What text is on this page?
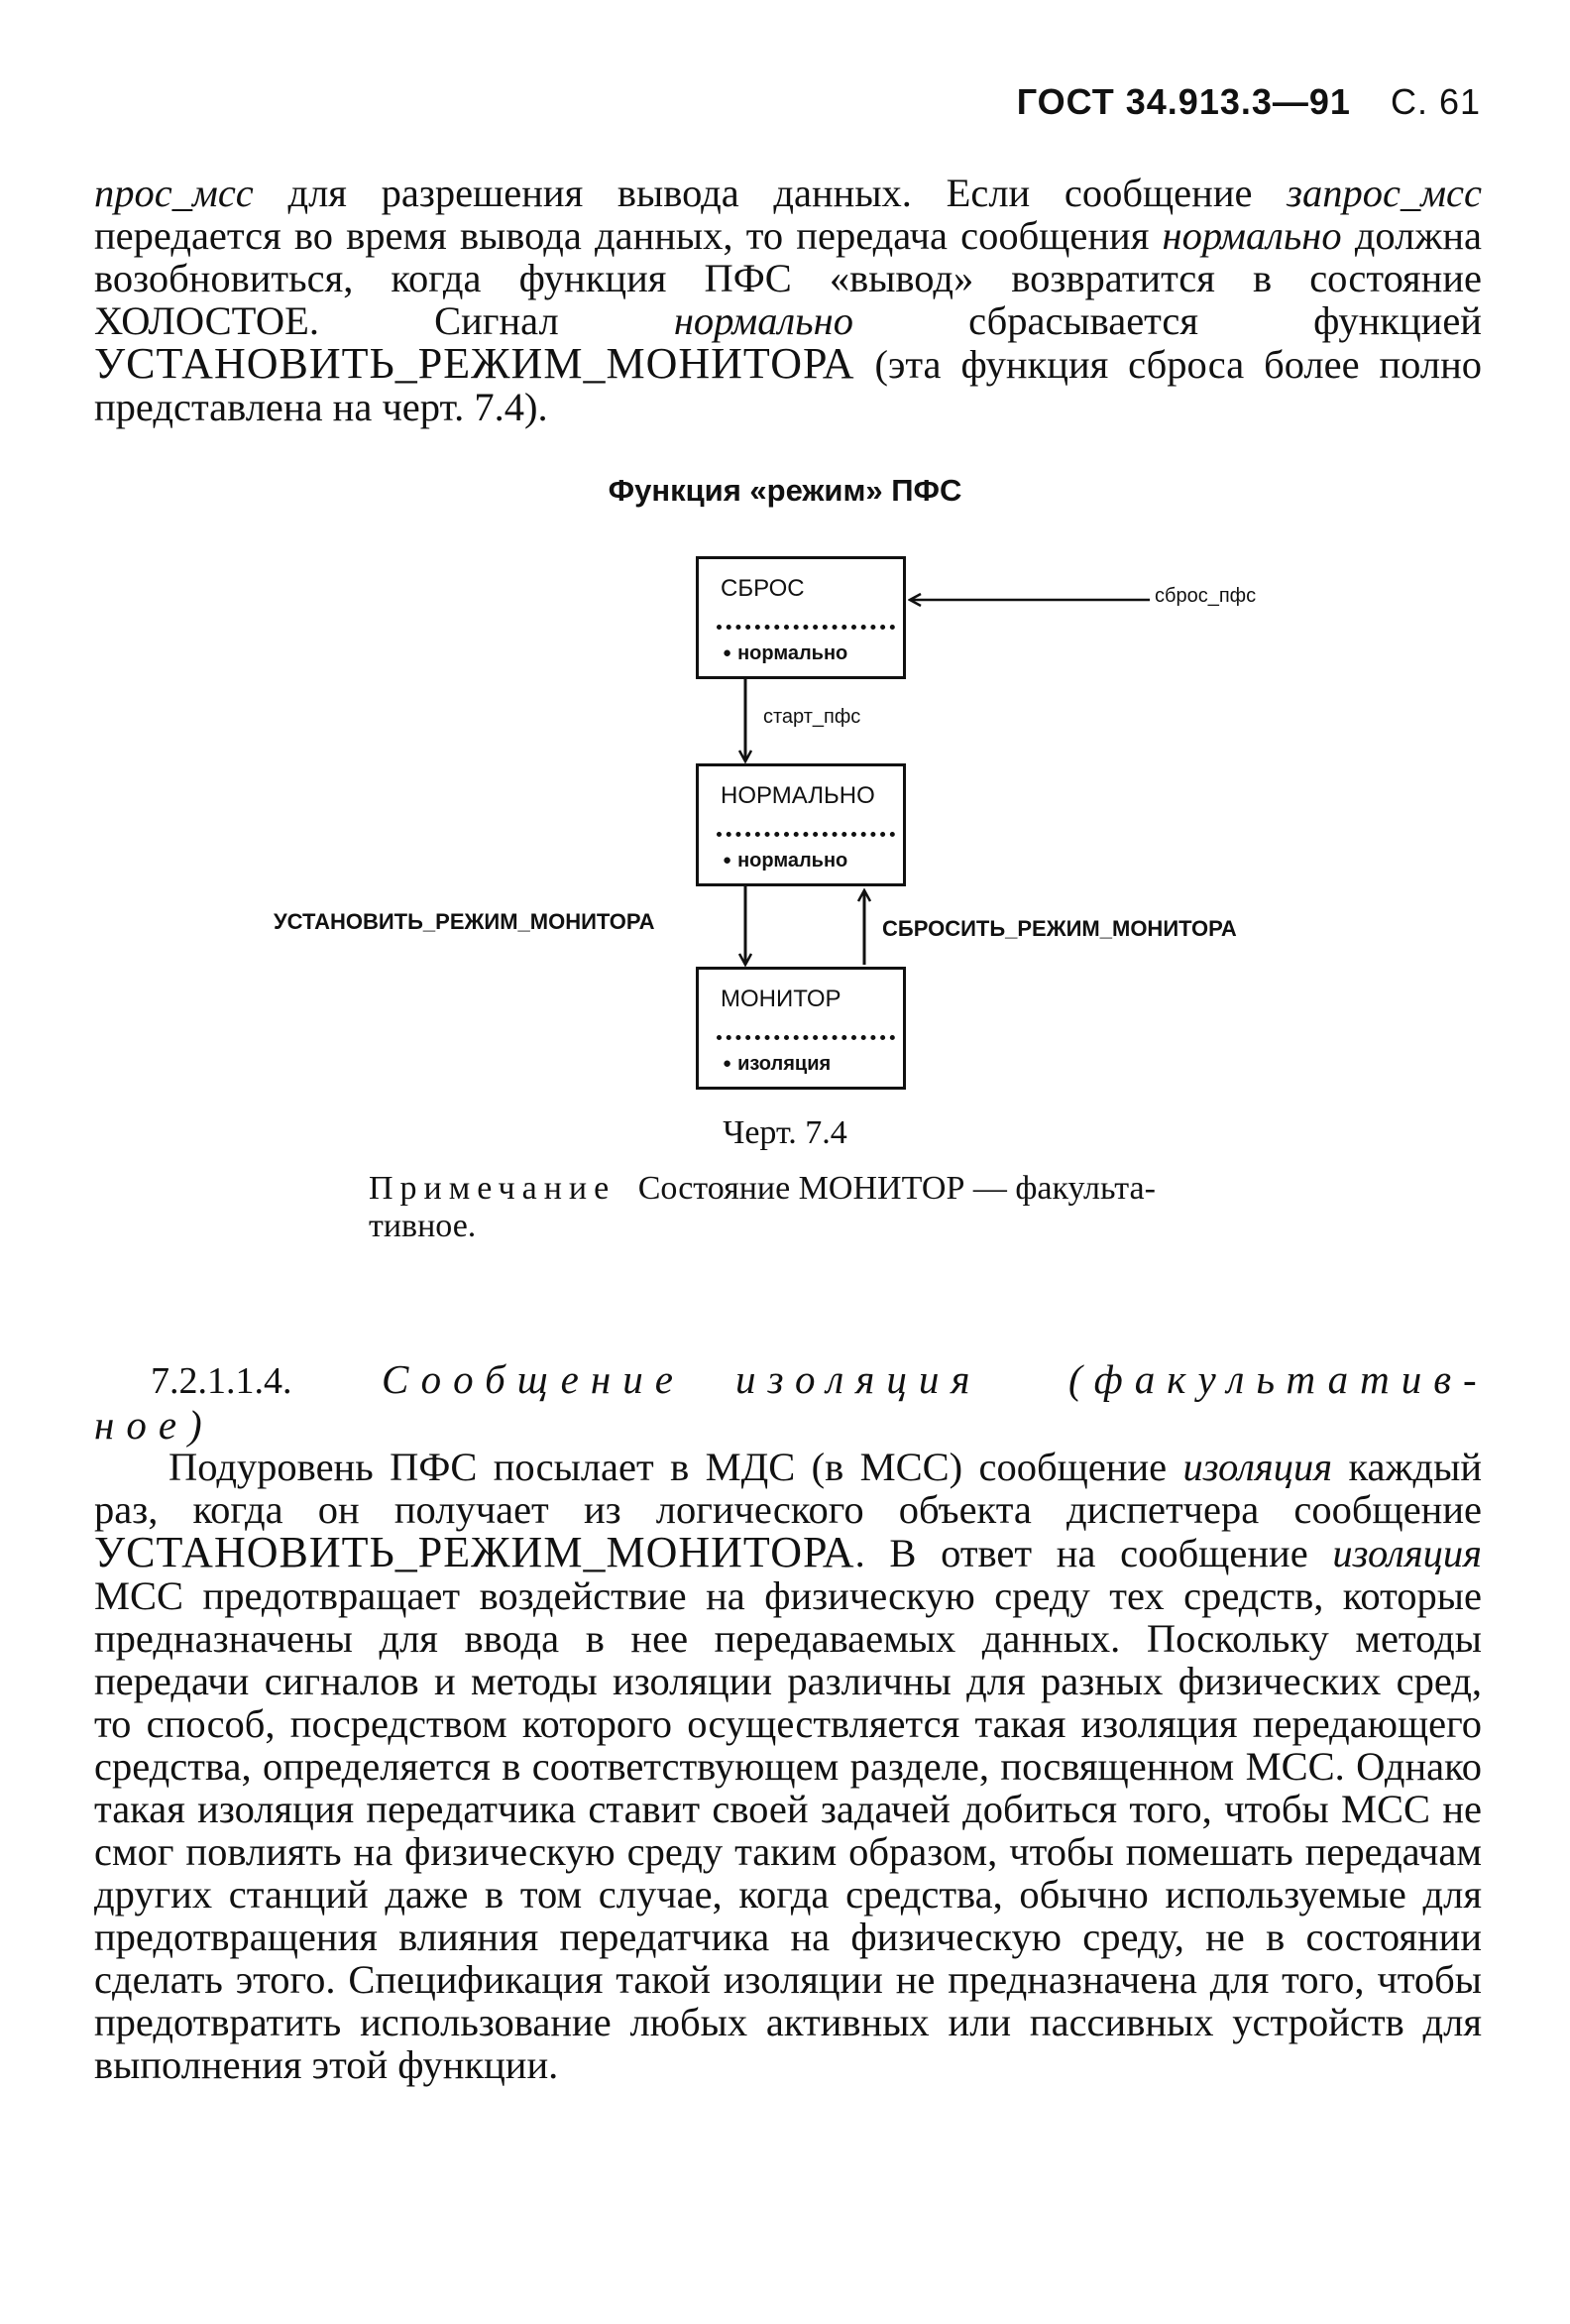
ГОСТ 34.913.3—91 С. 61
прос_мсс для разрешения вывода данных. Если сообщение запрос_мсс передается во время вывода данных, то передача сообщения нормально должна возобновиться, когда функция ПФС «вывод» возвратится в состояние ХОЛОСТОЕ. Сигнал нормально сбрасывается функцией УСТАНОВИТЬ_РЕЖИМ_МОНИТОРА (эта функция сброса более полно представлена на черт. 7.4).
Функция «режим» ПФС
СБРОС
● нормально
НОРМАЛЬНО
● нормально
МОНИТОР
● изоляция
сброс_пфс
старт_пфс
УСТАНОВИТЬ_РЕЖИМ_МОНИТОРА	СБРОСИТЬ_РЕЖИМ_МОНИТОРА
Черт. 7.4
Примечание Состояние МОНИТОР — факульта-
тивное.
7.2.1.1.4. Сообщение изоляция (факультатив-
ное)
Подуровень ПФС посылает в МДС (в МСС) сообщение изоляция каждый раз, когда он получает из логического объекта диспетчера сообщение УСТАНОВИТЬ_РЕЖИМ_МОНИТОРА. В ответ на сообщение изоляция МСС предотвращает воздействие на физическую среду тех средств, которые предназначены для ввода в нее передаваемых данных. Поскольку методы передачи сигналов и методы изоляции различны для разных физических сред, то способ, посредством которого осуществляется такая изоляция передающего средства, определяется в соответствующем разделе, посвященном МСС. Однако такая изоляция передатчика ставит своей задачей добиться того, чтобы МСС не смог повлиять на физическую среду таким образом, чтобы помешать передачам других станций даже в том случае, когда средства, обычно используемые для предотвращения влияния передатчика на физическую среду, не в состоянии сделать этого. Спецификация такой изоляции не предназначена для того, чтобы предотвратить использование любых активных или пассивных устройств для выполнения этой функции.
